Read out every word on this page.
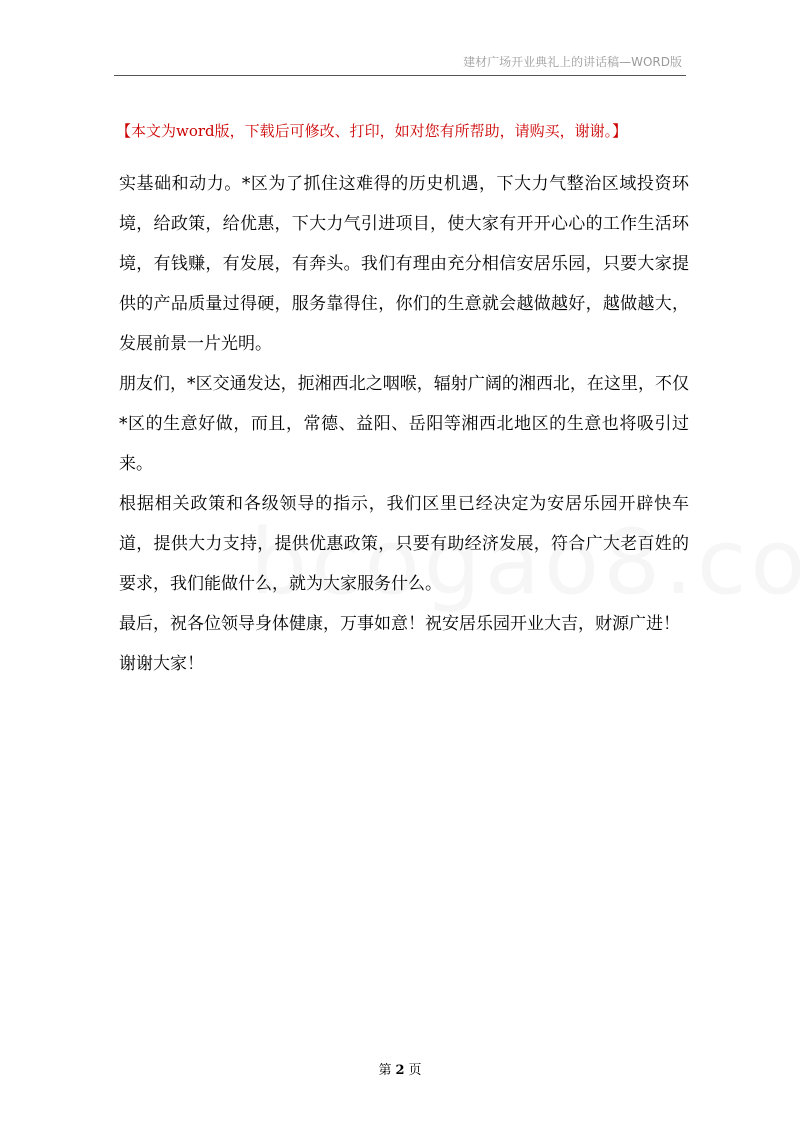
建材广场开业典礼上的讲话稿—WORD版
【本文为word版，下载后可修改、打印，如对您有所帮助，请购买，谢谢。】

实基础和动力。*区为了抓住这难得的历史机遇，下大力气整治区域投资环境，给政策，给优惠，下大力气引进项目，使大家有开开心心的工作生活环境，有钱赚，有发展，有奔头。我们有理由充分相信安居乐园，只要大家提供的产品质量过得硬，服务靠得住，你们的生意就会越做越好，越做越大，发展前景一片光明。

朋友们，*区交通发达，扼湘西北之咽喉，辐射广阔的湘西北，在这里，不仅*区的生意好做，而且，常德、益阳、岳阳等湘西北地区的生意也将吸引过来。

根据相关政策和各级领导的指示，我们区里已经决定为安居乐园开辟快车道，提供大力支持，提供优惠政策，只要有助经济发展，符合广大老百姓的要求，我们能做什么，就为大家服务什么。

最后，祝各位领导身体健康，万事如意！祝安居乐园开业大吉，财源广进！

谢谢大家！

第 2 页
